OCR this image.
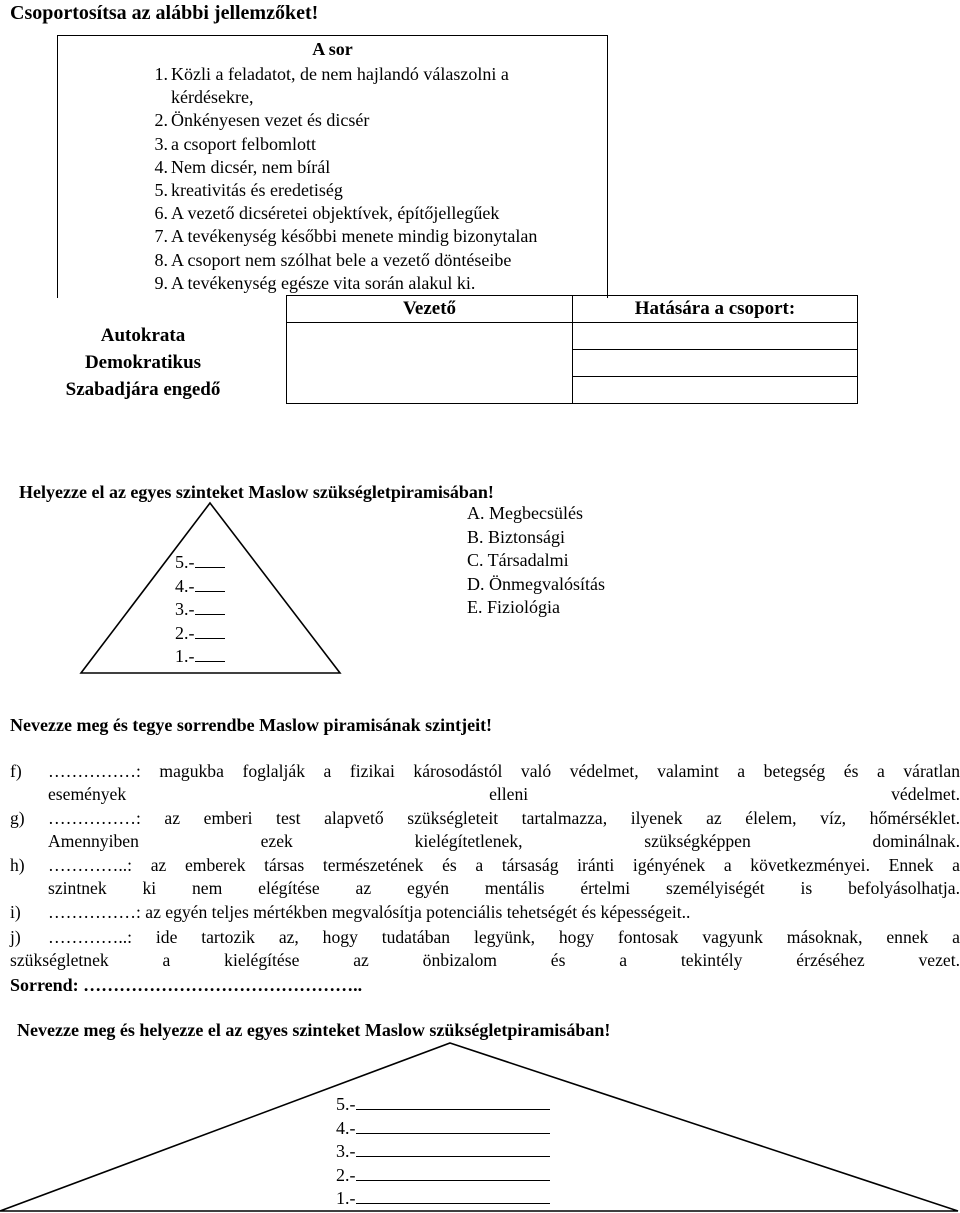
Csoportosítsa az alábbi jellemzőket!
A sor
1. Közli a feladatot, de nem hajlandó válaszolni a
kérdésekre,
2. Önkényesen vezet és dicsér
3. a csoport felbomlott
4. Nem dicsér, nem bírál
5. kreativitás és eredetiség
6. A vezető dicséretei objektívek, építőjellegűek
7. A tevékenység későbbi menete mindig bizonytalan
8. A csoport nem szólhat bele a vezető döntéseibe
9. A tevékenység egésze vita során alakul ki.
	Vezető	Hatására a csoport:
Autokrata		
Demokratikus		
Szabadjára engedő		
Helyezze el az egyes szinteket Maslow szükségletpiramisában!
5.-
4.-
3.-
2.-
1.-
A. Megbecsülés
B. Biztonsági
C. Társadalmi
D. Önmegvalósítás
E. Fiziológia
Nevezze meg és tegye sorrendbe Maslow piramisának szintjeit!
f) ……………: magukba foglalják a fizikai károsodástól való védelmet, valamint a betegség és a váratlan
események elleni védelmet.
g) ……………: az emberi test alapvető szükségleteit tartalmazza, ilyenek az élelem, víz, hőmérséklet.
Amennyiben ezek kielégítetlenek, szükségképpen dominálnak.
h) …………..: az emberek társas természetének és a társaság iránti igényének a következményei. Ennek a
szintnek ki nem elégítése az egyén mentális értelmi személyiségét is befolyásolhatja.
i) ……………: az egyén teljes mértékben megvalósítja potenciális tehetségét és képességeit..
j) …………..: ide tartozik az, hogy tudatában legyünk, hogy fontosak vagyunk másoknak, ennek a
szükségletnek a kielégítése az önbizalom és a tekintély érzéséhez vezet.
Sorrend: ………………………………………..
Nevezze meg és helyezze el az egyes szinteket Maslow szükségletpiramisában!
5.-
4.-
3.-
2.-
1.-
